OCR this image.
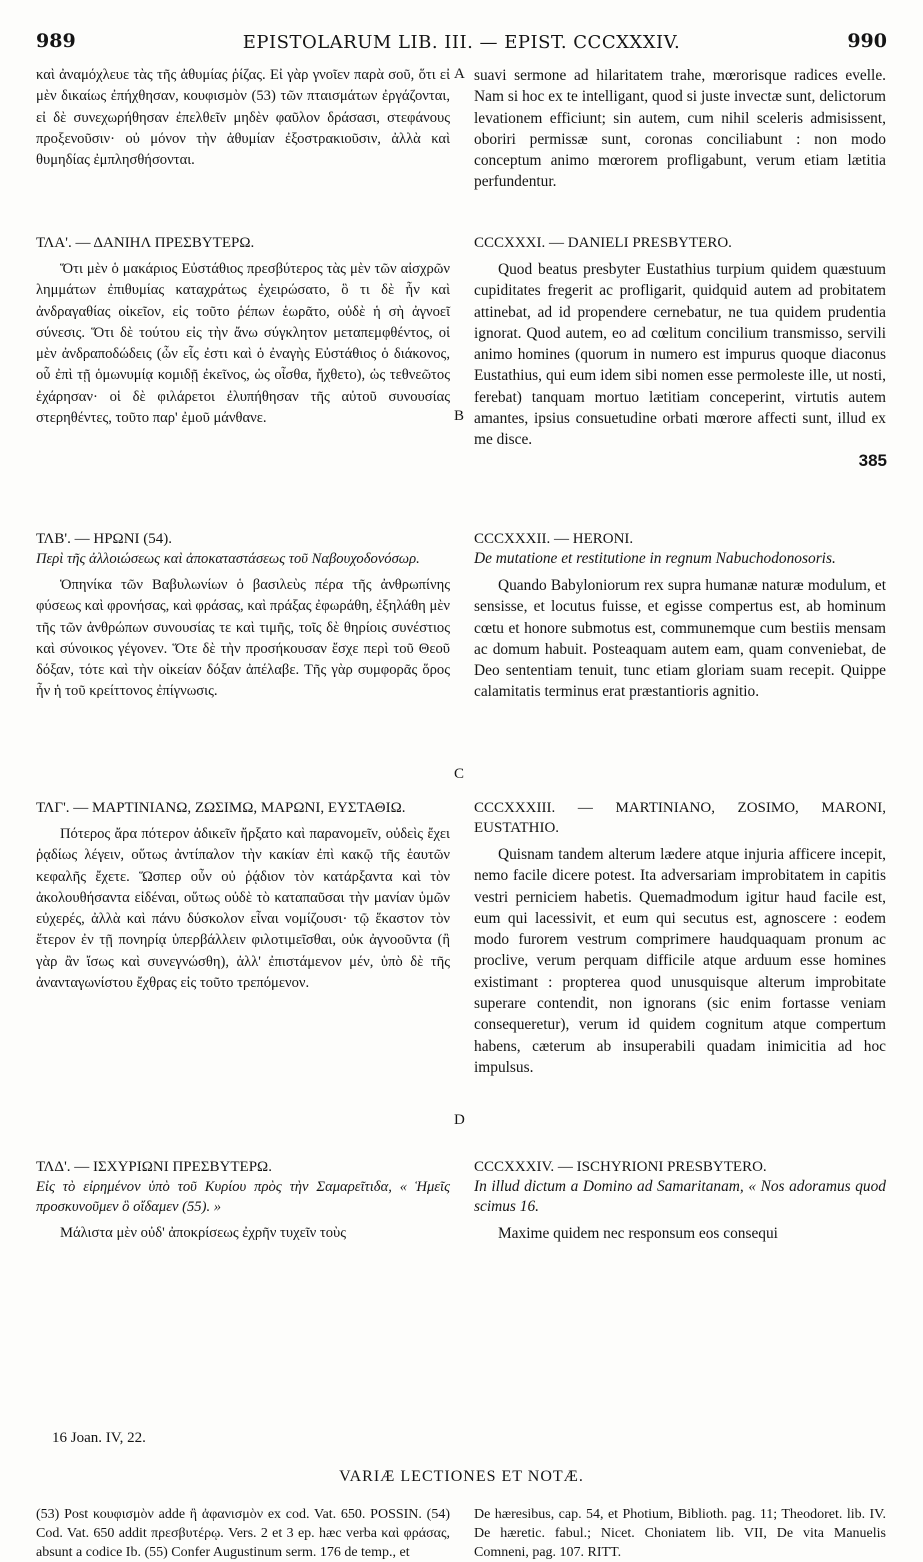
989	EPISTOLARUM LIB. III. — EPIST. CCCXXXIV.	990

καὶ ἀναμόχλευε τὰς τῆς ἀθυμίας ῥίζας. Εἰ γὰρ γνοῖεν παρὰ σοῦ, ὅτι εἰ μὲν δικαίως ἐπήχθησαν, κουφισμὸν (53) τῶν πταισμάτων ἐργάζονται, εἰ δὲ συνεχωρήθησαν ἐπελθεῖν μηδὲν φαῦλον δράσασι, στεφάνους προξενοῦσιν· οὐ μόνον τὴν ἀθυμίαν ἐξοστρακιοῦσιν, ἀλλὰ καὶ θυμηδίας ἐμπλησθήσονται.

ΤΛΑ'. — ΔΑΝΙΗΛ ΠΡΕΣΒΥΤΕΡΩ.

Ὅτι μὲν ὁ μακάριος Εὐστάθιος πρεσβύτερος τὰς μὲν τῶν αἰσχρῶν λημμάτων ἐπιθυμίας καταχράτως ἐχειρώσατο, ὃ τι δὲ ἦν καὶ ἀνδραγαθίας οἰκεῖον, εἰς τοῦτο ῥέπων ἑωρᾶτο, οὐδὲ ἡ σὴ ἀγνοεῖ σύνεσις. Ὅτι δὲ τούτου εἰς τὴν ἄνω σύγκλητον μεταπεμφθέντος, οἱ μὲν ἀνδραποδώδεις (ὧν εἷς ἐστι καὶ ὁ ἐναγὴς Εὐστάθιος ὁ διάκονος, οὗ ἐπὶ τῇ ὁμωνυμίᾳ κομιδῇ ἐκεῖνος, ὡς οἶσθα, ἤχθετο), ὡς τεθνεῶτος ἐχάρησαν· οἱ δὲ φιλάρετοι ἐλυπήθησαν τῆς αὐτοῦ συνουσίας στερηθέντες, τοῦτο παρ' ἐμοῦ μάνθανε.

ΤΛΒ'. — ΗΡΩΝΙ (54).

Περὶ τῆς ἀλλοιώσεως καὶ ἀποκαταστάσεως τοῦ Ναβουχοδονόσωρ.

Ὁπηνίκα τῶν Βαβυλωνίων ὁ βασιλεὺς πέρα τῆς ἀνθρωπίνης φύσεως καὶ φρονήσας, καὶ φράσας, καὶ πράξας ἐφωράθη, ἐξηλάθη μὲν τῆς τῶν ἀνθρώπων συνουσίας τε καὶ τιμῆς, τοῖς δὲ θηρίοις συνέστιος καὶ σύνοικος γέγονεν. Ὅτε δὲ τὴν προσήκουσαν ἔσχε περὶ τοῦ Θεοῦ δόξαν, τότε καὶ τὴν οἰκείαν δόξαν ἀπέλαβε. Τῆς γὰρ συμφορᾶς ὅρος ἦν ἡ τοῦ κρείττονος ἐπίγνωσις.

ΤΛΓ'. — ΜΑΡΤΙΝΙΑΝΩ, ΖΩΣΙΜΩ, ΜΑΡΩΝΙ, ΕΥΣΤΑΘΙΩ.

Πότερος ἄρα πότερον ἀδικεῖν ἤρξατο καὶ παρανομεῖν, οὐδεὶς ἔχει ῥᾳδίως λέγειν, οὕτως ἀντίπαλον τὴν κακίαν ἐπὶ κακῷ τῆς ἑαυτῶν κεφαλῆς ἔχετε. Ὥσπερ οὖν οὐ ῥᾴδιον τὸν κατάρξαντα καὶ τὸν ἀκολουθήσαντα εἰδέναι, οὕτως οὐδὲ τὸ καταπαῦσαι τὴν μανίαν ὑμῶν εὐχερές, ἀλλὰ καὶ πάνυ δύσκολον εἶναι νομίζουσι· τῷ ἕκαστον τὸν ἕτερον ἐν τῇ πονηρίᾳ ὑπερβάλλειν φιλοτιμεῖσθαι, οὐκ ἀγνοοῦντα (ἢ γὰρ ἂν ἴσως καὶ συνεγνώσθη), ἀλλ' ἐπιστάμενον μέν, ὑπὸ δὲ τῆς ἀνανταγωνίστου ἔχθρας εἰς τοῦτο τρεπόμενον.

ΤΛΔ'. — ΙΣΧΥΡΙΩΝΙ ΠΡΕΣΒΥΤΕΡΩ.

Εἰς τὸ εἰρημένον ὑπὸ τοῦ Κυρίου πρὸς τὴν Σαμαρεῖτιδα, « Ἡμεῖς προσκυνοῦμεν ὃ οἴδαμεν (55). »

Μάλιστα μὲν οὐδ' ἀποκρίσεως ἐχρῆν τυχεῖν τοὺς

suavi sermone ad hilaritatem trahe, mœrorisque radices evelle. Nam si hoc ex te intelligant, quod si juste invectæ sunt, delictorum levationem efficiunt; sin autem, cum nihil sceleris admisissent, oboriri permissæ sunt, coronas conciliabunt : non modo conceptum animo mœrorem profligabunt, verum etiam lætitia perfundentur.

CCCXXXI. — DANIELI PRESBYTERO.

Quod beatus presbyter Eustathius turpium quidem quæstuum cupiditates fregerit ac profligarit, quidquid autem ad probitatem attinebat, ad id propendere cernebatur, ne tua quidem prudentia ignorat. Quod autem, eo ad cœlitum concilium transmisso, servili animo homines (quorum in numero est impurus quoque diaconus Eustathius, qui eum idem sibi nomen esse permoleste ille, ut nosti, ferebat) tanquam mortuo lætitiam conceperint, virtutis autem amantes, ipsius consuetudine orbati mœrore affecti sunt, illud ex me disce.

CCCXXXII. — HERONI.

De mutatione et restitutione in regnum Nabuchodonosoris.

Quando Babyloniorum rex supra humanæ naturæ modulum, et sensisse, et locutus fuisse, et egisse compertus est, ab hominum cœtu et honore submotus est, communemque cum bestiis mensam ac domum habuit. Posteaquam autem eam, quam conveniebat, de Deo sententiam tenuit, tunc etiam gloriam suam recepit. Quippe calamitatis terminus erat præstantioris agnitio.

CCCXXXIII. — MARTINIANO, ZOSIMO, MARONI, EUSTATHIO.

Quisnam tandem alterum lædere atque injuria afficere incepit, nemo facile dicere potest. Ita adversariam improbitatem in capitis vestri perniciem habetis. Quemadmodum igitur haud facile est, eum qui lacessivit, et eum qui secutus est, agnoscere : eodem modo furorem vestrum comprimere haudquaquam pronum ac proclive, verum perquam difficile atque arduum esse homines existimant : propterea quod unusquisque alterum improbitate superare contendit, non ignorans (sic enim fortasse veniam consequeretur), verum id quidem cognitum atque compertum habens, cæterum ab insuperabili quadam inimicitia ad hoc impulsus.

CCCXXXIV. — ISCHYRIONI PRESBYTERO.

In illud dictum a Domino ad Samaritanam, « Nos adoramus quod scimus 16.

Maxime quidem nec responsum eos consequi

A
B
C
D
385
16 Joan. IV, 22.
VARIÆ LECTIONES ET NOTÆ.

(53) Post κουφισμὸν adde ἢ ἀφανισμὸν ex cod. Vat. 650. POSSIN. (54) Cod. Vat. 650 addit πρεσβυτέρῳ. Vers. 2 et 3 ep. hæc verba καὶ φράσας, absunt a codice Ib. (55) Confer Augustinum serm. 176 de temp., et

De hæresibus, cap. 54, et Photium, Biblioth. pag. 11; Theodoret. lib. IV. De hæretic. fabul.; Nicet. Choniatem lib. VII, De vita Manuelis Comneni, pag. 107. RITT.
